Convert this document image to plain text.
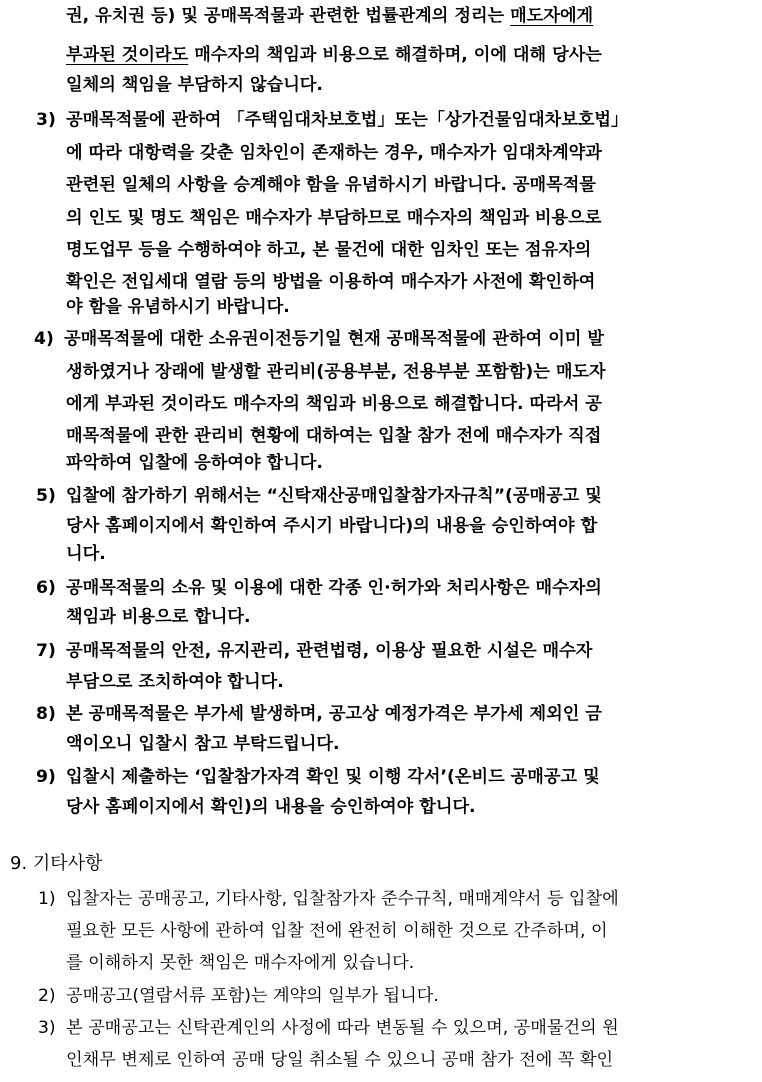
권, 유치권 등) 및 공매목적물과 관련한 법률관계의 정리는 매도자에게
부과된 것이라도 매수자의 책임과 비용으로 해결하며, 이에 대해 당사는
일체의 책임을 부담하지 않습니다.
3) 공매목적물에 관하여 「주택임대차보호법」또는「상가건물임대차보호법」
에 따라 대항력을 갖춘 임차인이 존재하는 경우, 매수자가 임대차계약과
관련된 일체의 사항을 승계해야 함을 유념하시기 바랍니다. 공매목적물
의 인도 및 명도 책임은 매수자가 부담하므로 매수자의 책임과 비용으로
명도업무 등을 수행하여야 하고, 본 물건에 대한 임차인 또는 점유자의
확인은 전입세대 열람 등의 방법을 이용하여 매수자가 사전에 확인하여
야 함을 유념하시기 바랍니다.
4) 공매목적물에 대한 소유권이전등기일 현재 공매목적물에 관하여 이미 발
생하였거나 장래에 발생할 관리비(공용부분, 전용부분 포함함)는 매도자
에게 부과된 것이라도 매수자의 책임과 비용으로 해결합니다. 따라서 공
매목적물에 관한 관리비 현황에 대하여는 입찰 참가 전에 매수자가 직접
파악하여 입찰에 응하여야 합니다.
5) 입찰에 참가하기 위해서는 “신탁재산공매입찰참가자규칙”(공매공고 및
당사 홈페이지에서 확인하여 주시기 바랍니다)의 내용을 승인하여야 합
니다.
6) 공매목적물의 소유 및 이용에 대한 각종 인·허가와 처리사항은 매수자의
책임과 비용으로 합니다.
7) 공매목적물의 안전, 유지관리, 관련법령, 이용상 필요한 시설은 매수자
부담으로 조치하여야 합니다.
8) 본 공매목적물은 부가세 발생하며, 공고상 예정가격은 부가세 제외인 금
액이오니 입찰시 참고 부탁드립니다.
9) 입찰시 제출하는 ‘입찰참가자격 확인 및 이행 각서’(온비드 공매공고 및
당사 홈페이지에서 확인)의 내용을 승인하여야 합니다.
9. 기타사항
1) 입찰자는 공매공고, 기타사항, 입찰참가자 준수규칙, 매매계약서 등 입찰에
필요한 모든 사항에 관하여 입찰 전에 완전히 이해한 것으로 간주하며, 이
를 이해하지 못한 책임은 매수자에게 있습니다.
2) 공매공고(열람서류 포함)는 계약의 일부가 됩니다.
3) 본 공매공고는 신탁관계인의 사정에 따라 변동될 수 있으며, 공매물건의 원
인채무 변제로 인하여 공매 당일 취소될 수 있으니 공매 참가 전에 꼭 확인
